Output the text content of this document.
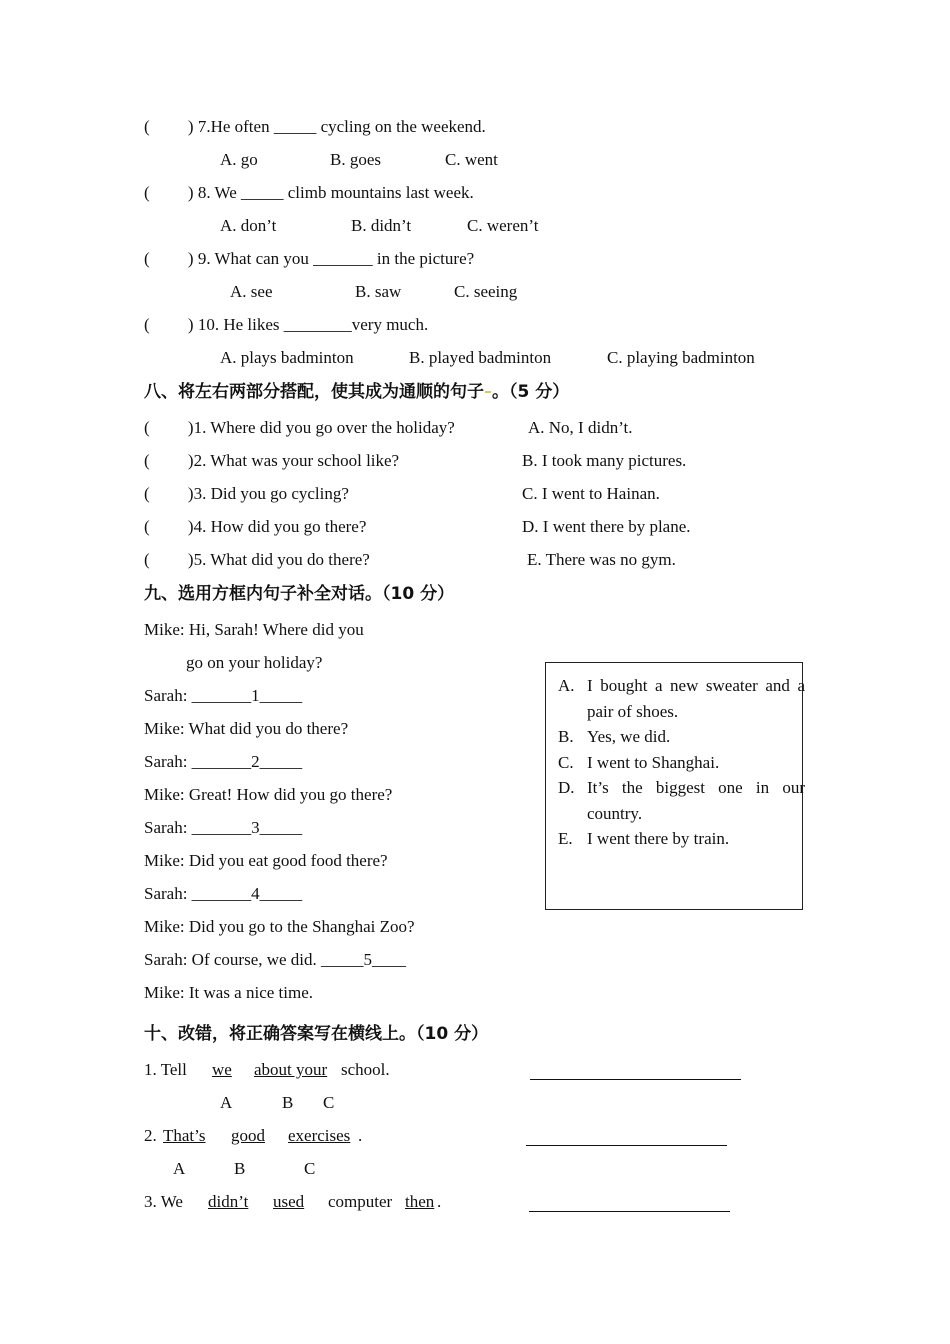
(         ) 7.He often _____ cycling on the weekend.
A. go	B. goes	C. went
(         ) 8. We _____ climb mountains last week.
A. don’t	B. didn’t	C. weren’t
(         ) 9. What can you _______ in the picture?
A. see	B. saw	C. seeing
(         ) 10. He likes ________very much.
A. plays badminton	B. played badminton	C. playing badminton
八、将左右两部分搭配，使其成为通顺的句子 。（5 分）
(         )1. Where did you go over the holiday?	A. No, I didn’t.
(         )2. What was your school like?	B. I took many pictures.
(         )3. Did you go cycling?	C. I went to Hainan.
(         )4. How did you go there?	D. I went there by plane.
(         )5. What did you do there?	E. There was no gym.
九、选用方框内句子补全对话。（10 分）
Mike: Hi, Sarah! Where did you
go on your holiday?
Sarah: _______1_____
Mike: What did you do there?
Sarah: _______2_____
Mike: Great! How did you go there?
Sarah: _______3_____
Mike: Did you eat good food there?
Sarah: _______4_____
Mike: Did you go to the Shanghai Zoo?
Sarah: Of course, we did. _____5____
Mike: It was a nice time.
A. I bought a new sweater and a pair of shoes.
B. Yes, we did.
C. I went to Shanghai.
D. It’s the biggest one in our country.
E. I went there by train.
十、改错，将正确答案写在横线上。（10 分）
1. Tell we about your school.
A	B C
2. That’s good exercises .
A	B	C
3. We didn’t used computer then .
